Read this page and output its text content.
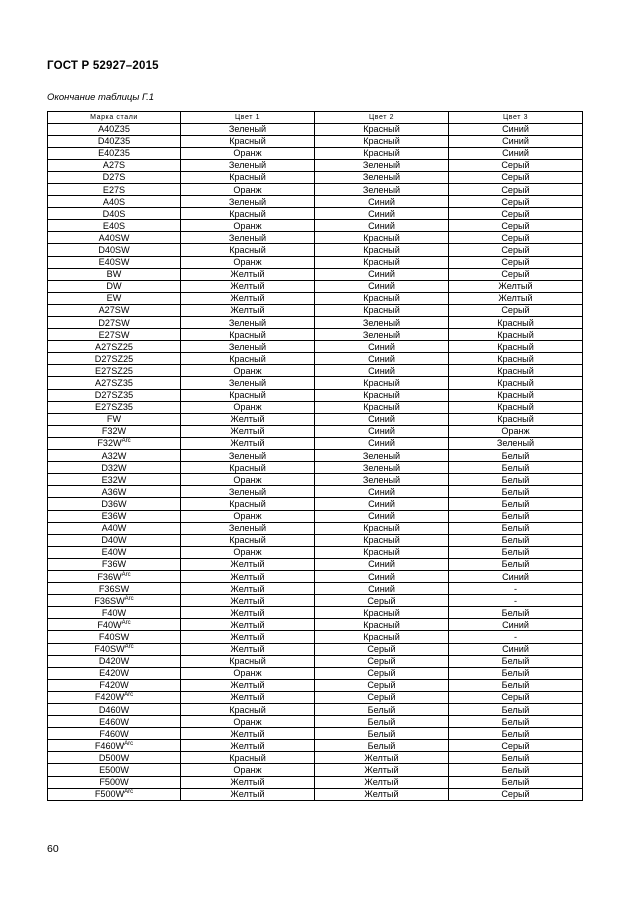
ГОСТ Р 52927–2015
Окончание таблицы Г.1
Марка стали	Цвет 1	Цвет 2	Цвет 3
A40Z35	Зеленый	Красный	Синий
D40Z35	Красный	Красный	Синий
E40Z35	Оранж	Красный	Синий
A27S	Зеленый	Зеленый	Серый
D27S	Красный	Зеленый	Серый
E27S	Оранж	Зеленый	Серый
A40S	Зеленый	Синий	Серый
D40S	Красный	Синий	Серый
E40S	Оранж	Синий	Серый
A40SW	Зеленый	Красный	Серый
D40SW	Красный	Красный	Серый
E40SW	Оранж	Красный	Серый
BW	Желтый	Синий	Серый
DW	Желтый	Синий	Желтый
EW	Желтый	Красный	Желтый
A27SW	Желтый	Красный	Серый
D27SW	Зеленый	Зеленый	Красный
E27SW	Красный	Зеленый	Красный
A27SZ25	Зеленый	Синий	Красный
D27SZ25	Красный	Синий	Красный
E27SZ25	Оранж	Синий	Красный
A27SZ35	Зеленый	Красный	Красный
D27SZ35	Красный	Красный	Красный
E27SZ35	Оранж	Красный	Красный
FW	Желтый	Синий	Красный
F32W	Желтый	Синий	Оранж
$F32W^{Arc}$	Желтый	Синий	Зеленый
A32W	Зеленый	Зеленый	Белый
D32W	Красный	Зеленый	Белый
E32W	Оранж	Зеленый	Белый
A36W	Зеленый	Синий	Белый
D36W	Красный	Синий	Белый
E36W	Оранж	Синий	Белый
A40W	Зеленый	Красный	Белый
D40W	Красный	Красный	Белый
E40W	Оранж	Красный	Белый
F36W	Желтый	Синий	Белый
$F36W^{Arc}$	Желтый	Синий	Синий
F36SW	Желтый	Синий	-
$F36SW^{Arc}$	Желтый	Серый	-
F40W	Желтый	Красный	Белый
$F40W^{Arc}$	Желтый	Красный	Синий
F40SW	Желтый	Красный	-
$F40SW^{Arc}$	Желтый	Серый	Синий
D420W	Красный	Серый	Белый
E420W	Оранж	Серый	Белый
F420W	Желтый	Серый	Белый
$F420W^{Arc}$	Желтый	Серый	Серый
D460W	Красный	Белый	Белый
E460W	Оранж	Белый	Белый
F460W	Желтый	Белый	Белый
$F460W^{Arc}$	Желтый	Белый	Серый
D500W	Красный	Желтый	Белый
E500W	Оранж	Желтый	Белый
F500W	Желтый	Желтый	Белый
$F500W^{Arc}$	Желтый	Желтый	Серый
60
